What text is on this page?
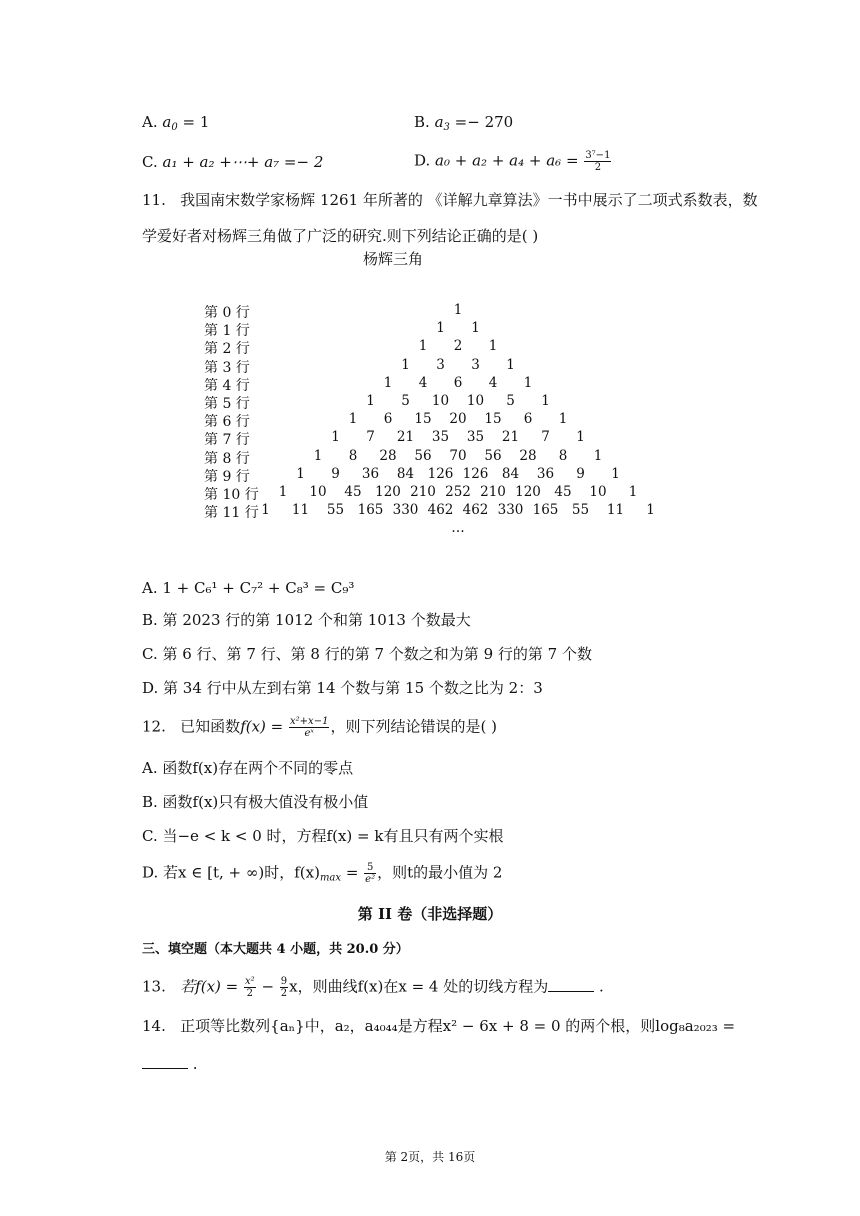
A. $a_0 = 1$	B. $a_3 =- 270$
C. a₁ + a₂ +⋯+ a₇ =− 2	D. $a_0 + a_2 + a_4 + a_6 = \frac{\text{3⁷−1}}{2}$
11. 我国南宋数学家杨辉 1261 年所著的 《详解九章算法》一书中展示了二项式系数表，数
学爱好者对杨辉三角做了广泛的研究.则下列结论正确的是( )
杨辉三角
第 0 行	1
第 1 行	1 1
第 2 行	1 2 1
第 3 行	1 3 3 1
第 4 行	1 4 6 4 1
第 5 行	1 5 10 10 5 1
第 6 行	1 6 15 20 15 6 1
第 7 行	1 7 21 35 35 21 7 1
第 8 行	1 8 28 56 70 56 28 8 1
第 9 行	1 9 36 84 126 126 84 36 9 1
第 10 行	1 10 45 120 210 252 210 120 45 10 1
第 11 行 1 11 55 165 330 462 462 330 165 55 11 1
…
A. 1 + C₆¹ + C₇² + C₈³ = C₉³
B. 第 2023 行的第 1012 个和第 1013 个数最大
C. 第 6 行、第 7 行、第 8 行的第 7 个数之和为第 9 行的第 7 个数
D. 第 34 行中从左到右第 14 个数与第 15 个数之比为 2：3
12. 已知函数$f(x) = \frac{\text{x²+x−1}}{\text{eˣ}}$ ，则下列结论错误的是( )
A. 函数f(x)存在两个不同的零点
B. 函数f(x)只有极大值没有极小值
C. 当−e < k < 0 时，方程f(x) = k有且只有两个实根
D. 若x ∈ [t, + ∞)时，$f(x)_{max} = \frac{5}{\text{e²}}$ ，则t的最小值为 2
第 II 卷（非选择题）
三、填空题（本大题共 4 小题，共 20.0 分）
13. 若$f(x) = \frac{\text{x²}}{2} - \frac{9}{2}$ x，则曲线f(x)在x = 4 处的切线方程为	.
14. 正项等比数列{aₙ}中，a₂，a₄₀₄₄是方程x² − 6x + 8 = 0 的两个根，则log₈a₂₀₂₃ =
.
第 2页，共 16页
